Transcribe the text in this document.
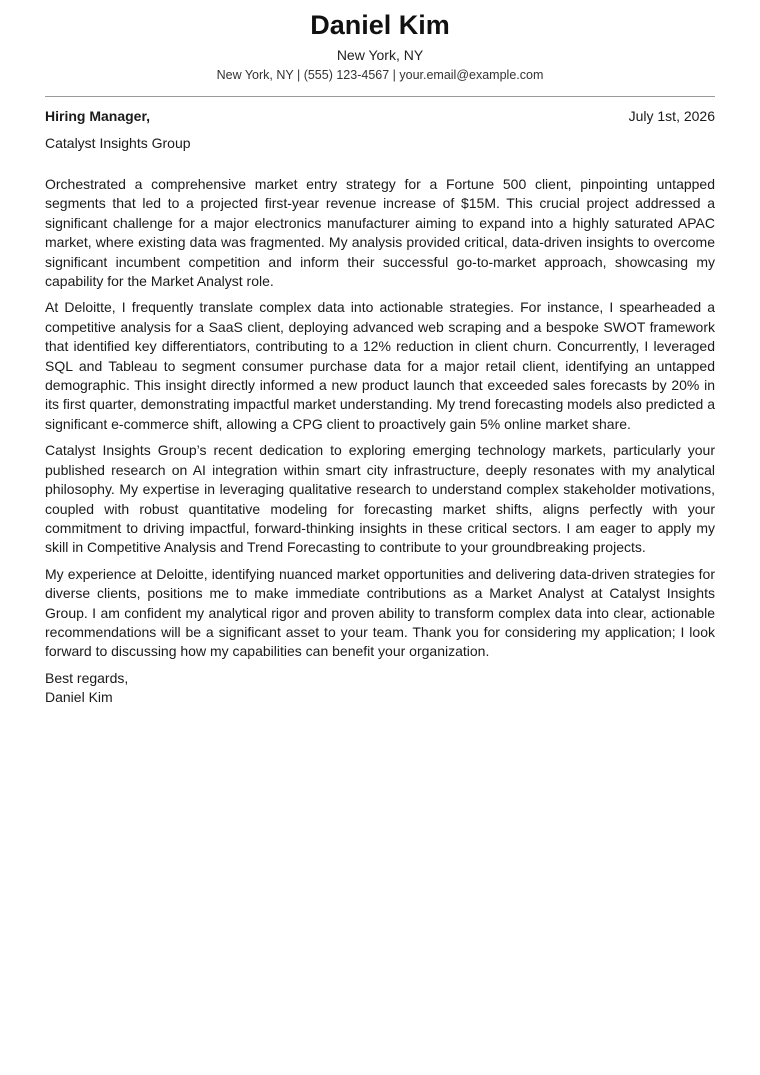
Daniel Kim
New York, NY
New York, NY | (555) 123-4567 | your.email@example.com
Hiring Manager,	July 1st, 2026
Catalyst Insights Group

Orchestrated a comprehensive market entry strategy for a Fortune 500 client, pinpointing untapped segments that led to a projected first-year revenue increase of $15M. This crucial project addressed a significant challenge for a major electronics manufacturer aiming to expand into a highly saturated APAC market, where existing data was fragmented. My analysis provided critical, data-driven insights to overcome significant incumbent competition and inform their successful go-to-market approach, showcasing my capability for the Market Analyst role.

At Deloitte, I frequently translate complex data into actionable strategies. For instance, I spearheaded a competitive analysis for a SaaS client, deploying advanced web scraping and a bespoke SWOT framework that identified key differentiators, contributing to a 12% reduction in client churn. Concurrently, I leveraged SQL and Tableau to segment consumer purchase data for a major retail client, identifying an untapped demographic. This insight directly informed a new product launch that exceeded sales forecasts by 20% in its first quarter, demonstrating impactful market understanding. My trend forecasting models also predicted a significant e-commerce shift, allowing a CPG client to proactively gain 5% online market share.

Catalyst Insights Group’s recent dedication to exploring emerging technology markets, particularly your published research on AI integration within smart city infrastructure, deeply resonates with my analytical philosophy. My expertise in leveraging qualitative research to understand complex stakeholder motivations, coupled with robust quantitative modeling for forecasting market shifts, aligns perfectly with your commitment to driving impactful, forward-thinking insights in these critical sectors. I am eager to apply my skill in Competitive Analysis and Trend Forecasting to contribute to your groundbreaking projects.

My experience at Deloitte, identifying nuanced market opportunities and delivering data-driven strategies for diverse clients, positions me to make immediate contributions as a Market Analyst at Catalyst Insights Group. I am confident my analytical rigor and proven ability to transform complex data into clear, actionable recommendations will be a significant asset to your team. Thank you for considering my application; I look forward to discussing how my capabilities can benefit your organization.

Best regards,
Daniel Kim
